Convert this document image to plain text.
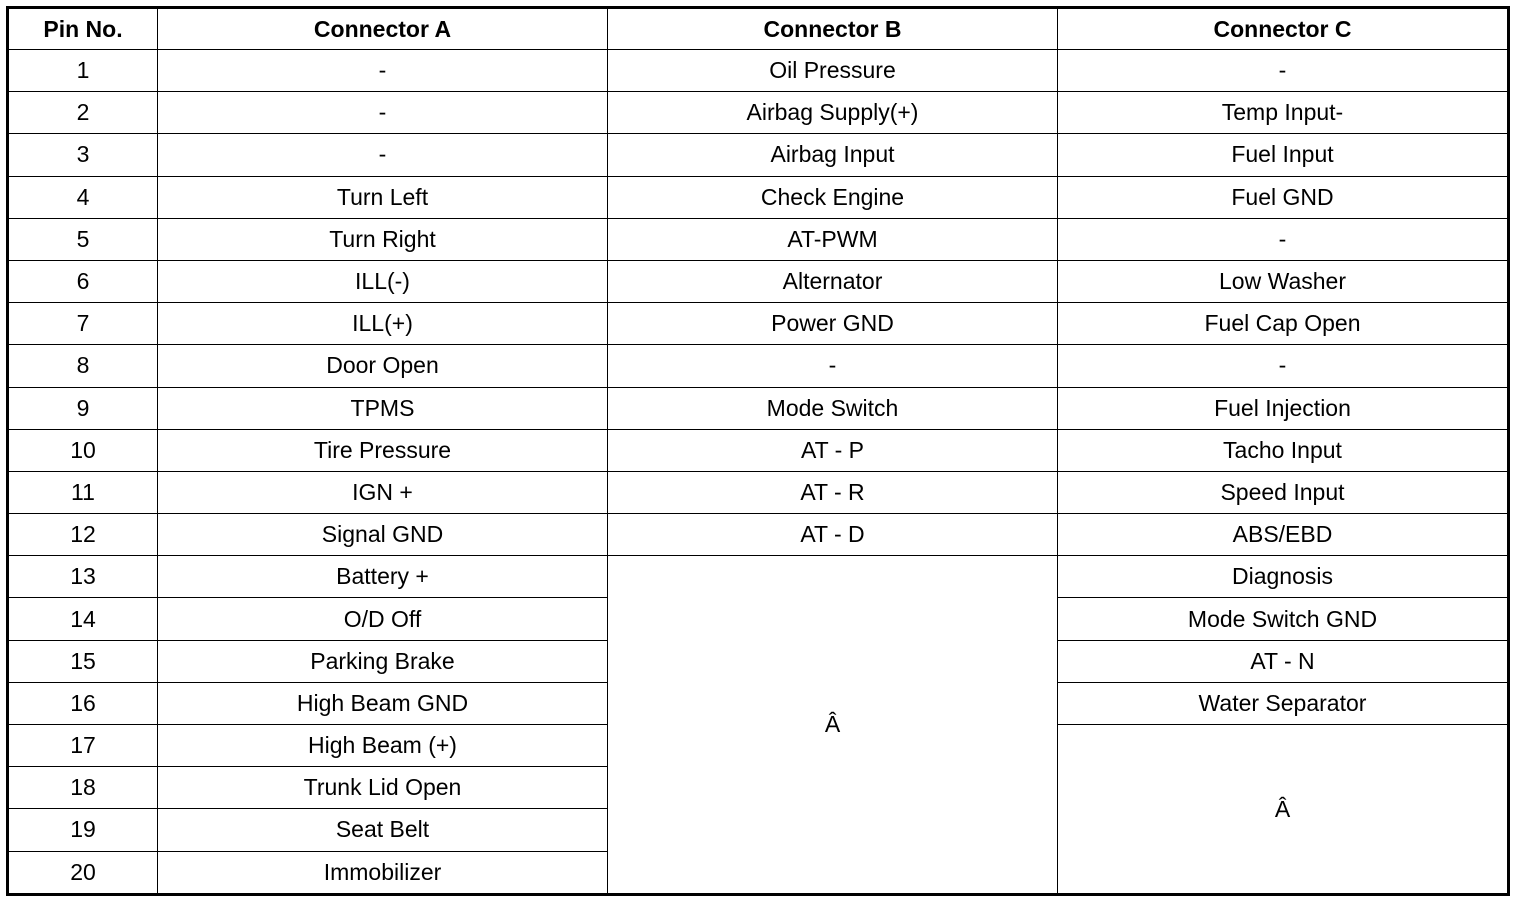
Pin No.	Connector A	Connector B	Connector C
1	-	Oil Pressure	-
2	-	Airbag Supply(+)	Temp Input-
3	-	Airbag Input	Fuel Input
4	Turn Left	Check Engine	Fuel GND
5	Turn Right	AT-PWM	-
6	ILL(-)	Alternator	Low Washer
7	ILL(+)	Power GND	Fuel Cap Open
8	Door Open	-	-
9	TPMS	Mode Switch	Fuel Injection
10	Tire Pressure	AT - P	Tacho Input
11	IGN +	AT - R	Speed Input
12	Signal GND	AT - D	ABS/EBD
13	Battery +	Â	Diagnosis
14	O/D Off		Mode Switch GND
15	Parking Brake		AT - N
16	High Beam GND		Water Separator
17	High Beam (+)		Â
18	Trunk Lid Open		
19	Seat Belt		
20	Immobilizer		
